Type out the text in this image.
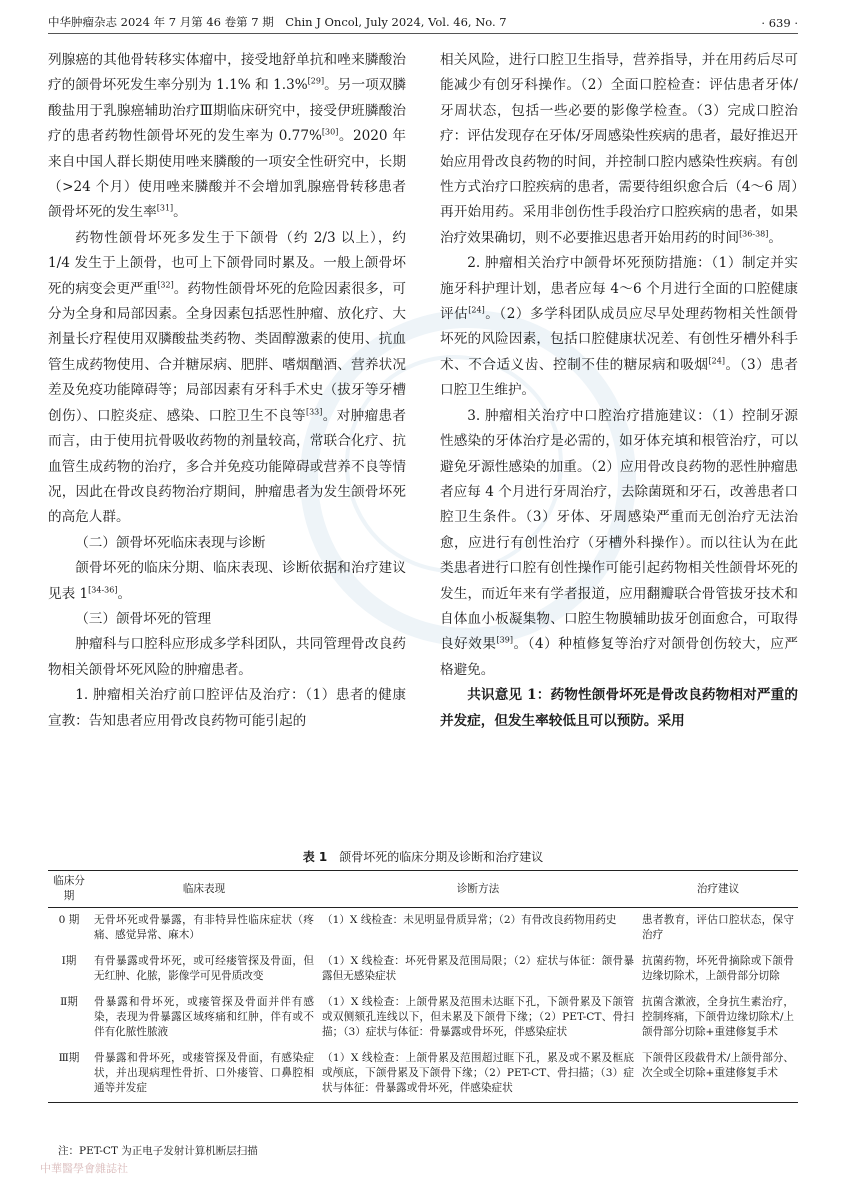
中华肿瘤杂志 2024 年 7 月第 46 卷第 7 期　Chin J Oncol, July 2024, Vol. 46, No. 7	· 639 ·

列腺癌的其他骨转移实体瘤中，接受地舒单抗和唑来膦酸治疗的颌骨坏死发生率分别为 1.1% 和 1.3%[29]。另一项双膦酸盐用于乳腺癌辅助治疗Ⅲ期临床研究中，接受伊班膦酸治疗的患者药物性颌骨坏死的发生率为 0.77%[30]。2020 年来自中国人群长期使用唑来膦酸的一项安全性研究中，长期（>24 个月）使用唑来膦酸并不会增加乳腺癌骨转移患者颌骨坏死的发生率[31]。

药物性颌骨坏死多发生于下颌骨（约 2/3 以上），约 1/4 发生于上颌骨，也可上下颌骨同时累及。一般上颌骨坏死的病变会更严重[32]。药物性颌骨坏死的危险因素很多，可分为全身和局部因素。全身因素包括恶性肿瘤、放化疗、大剂量长疗程使用双膦酸盐类药物、类固醇激素的使用、抗血管生成药物使用、合并糖尿病、肥胖、嗜烟酗酒、营养状况差及免疫功能障碍等；局部因素有牙科手术史（拔牙等牙槽创伤）、口腔炎症、感染、口腔卫生不良等[33]。对肿瘤患者而言，由于使用抗骨吸收药物的剂量较高，常联合化疗、抗血管生成药物的治疗，多合并免疫功能障碍或营养不良等情况，因此在骨改良药物治疗期间，肿瘤患者为发生颌骨坏死的高危人群。

（二）颌骨坏死临床表现与诊断

颌骨坏死的临床分期、临床表现、诊断依据和治疗建议见表 1[34-36]。

（三）颌骨坏死的管理

肿瘤科与口腔科应形成多学科团队，共同管理骨改良药物相关颌骨坏死风险的肿瘤患者。

1. 肿瘤相关治疗前口腔评估及治疗：（1）患者的健康宣教：告知患者应用骨改良药物可能引起的

相关风险，进行口腔卫生指导，营养指导，并在用药后尽可能减少有创牙科操作。（2）全面口腔检查：评估患者牙体/牙周状态，包括一些必要的影像学检查。（3）完成口腔治疗：评估发现存在牙体/牙周感染性疾病的患者，最好推迟开始应用骨改良药物的时间，并控制口腔内感染性疾病。有创性方式治疗口腔疾病的患者，需要待组织愈合后（4～6 周）再开始用药。采用非创伤性手段治疗口腔疾病的患者，如果治疗效果确切，则不必要推迟患者开始用药的时间[36-38]。

2. 肿瘤相关治疗中颌骨坏死预防措施：（1）制定并实施牙科护理计划，患者应每 4～6 个月进行全面的口腔健康评估[24]。（2）多学科团队成员应尽早处理药物相关性颌骨坏死的风险因素，包括口腔健康状况差、有创性牙槽外科手术、不合适义齿、控制不佳的糖尿病和吸烟[24]。（3）患者口腔卫生维护。

3. 肿瘤相关治疗中口腔治疗措施建议：（1）控制牙源性感染的牙体治疗是必需的，如牙体充填和根管治疗，可以避免牙源性感染的加重。（2）应用骨改良药物的恶性肿瘤患者应每 4 个月进行牙周治疗，去除菌斑和牙石，改善患者口腔卫生条件。（3）牙体、牙周感染严重而无创治疗无法治愈，应进行有创性治疗（牙槽外科操作）。而以往认为在此类患者进行口腔有创性操作可能引起药物相关性颌骨坏死的发生，而近年来有学者报道，应用翻瓣联合骨管拔牙技术和自体血小板凝集物、口腔生物膜辅助拔牙创面愈合，可取得良好效果[39]。（4）种植修复等治疗对颌骨创伤较大，应严格避免。

共识意见 1：药物性颌骨坏死是骨改良药物相对严重的并发症，但发生率较低且可以预防。采用

表 1 颌骨坏死的临床分期及诊断和治疗建议
临床分期	临床表现	诊断方法	治疗建议
0 期	无骨坏死或骨暴露，有非特异性临床症状（疼痛、感觉异常、麻木）	（1）X 线检查：未见明显骨质异常；（2）有骨改良药物用药史	患者教育，评估口腔状态，保守治疗
Ⅰ期	有骨暴露或骨坏死，或可经瘘管探及骨面，但无红肿、化脓，影像学可见骨质改变	（1）X 线检查：坏死骨累及范围局限；（2）症状与体征：颌骨暴露但无感染症状	抗菌药物，坏死骨摘除或下颌骨边缘切除术，上颌骨部分切除
Ⅱ期	骨暴露和骨坏死，或瘘管探及骨面并伴有感染，表现为骨暴露区域疼痛和红肿，伴有或不伴有化脓性脓液	（1）X 线检查：上颌骨累及范围未达眶下孔，下颌骨累及下颌管或双侧颏孔连线以下，但未累及下颌骨下缘；（2）PET-CT、骨扫描；（3）症状与体征：骨暴露或骨坏死，伴感染症状	抗菌含漱液，全身抗生素治疗，控制疼痛，下颌骨边缘切除术/上颌骨部分切除+重建修复手术
Ⅲ期	骨暴露和骨坏死，或瘘管探及骨面，有感染症状，并出现病理性骨折、口外瘘管、口鼻腔相通等并发症	（1）X 线检查：上颌骨累及范围超过眶下孔，累及或不累及框底或颅底，下颌骨累及下颌骨下缘；（2）PET-CT、骨扫描；（3）症状与体征：骨暴露或骨坏死，伴感染症状	下颌骨区段截骨术/上颌骨部分、次全或全切除+重建修复手术
注：PET-CT 为正电子发射计算机断层扫描
中華醫學會雜誌社
